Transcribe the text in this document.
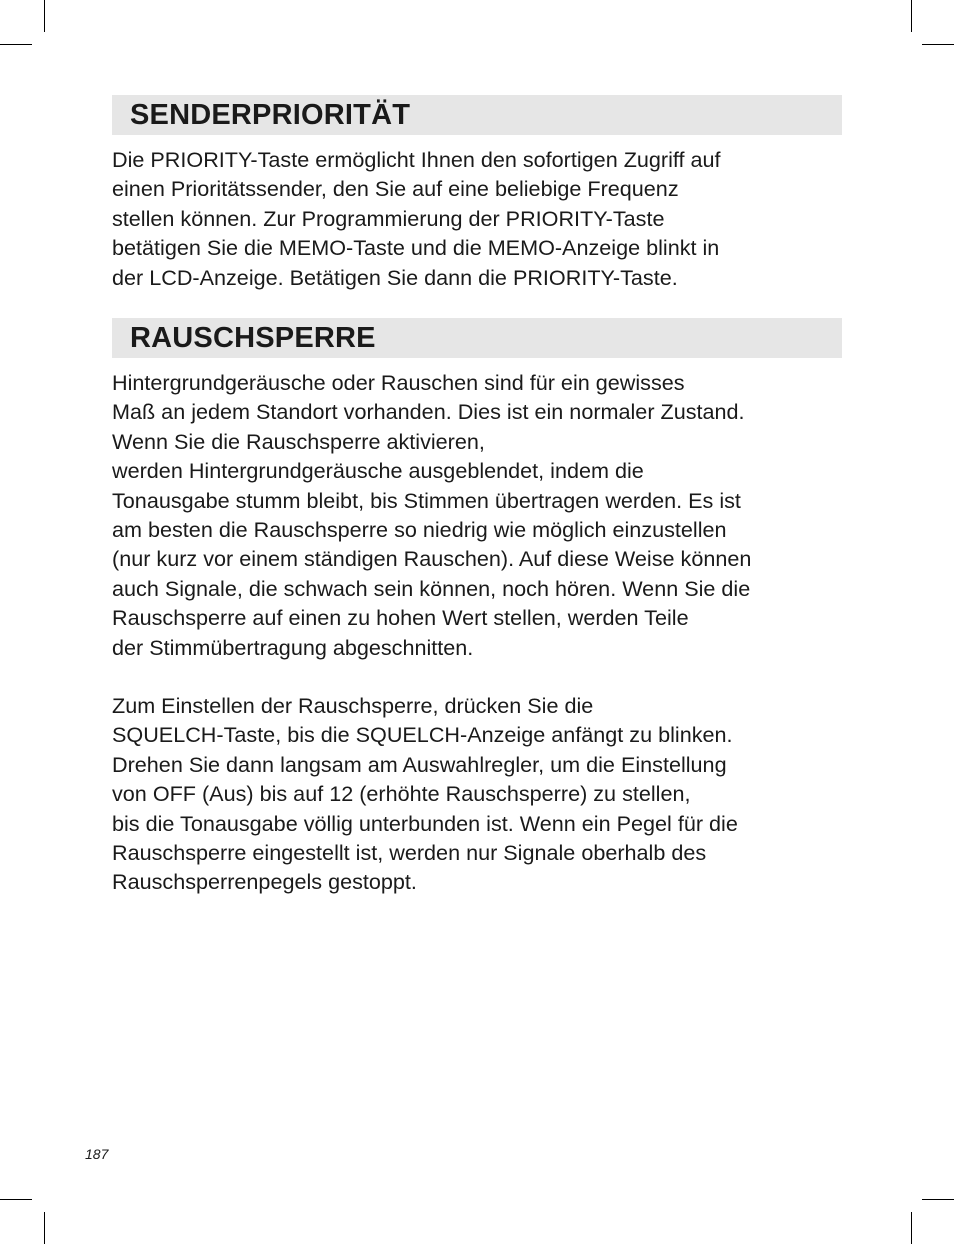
SENDERPRIORITÄT
Die PRIORITY-Taste ermöglicht Ihnen den sofortigen Zugriff auf
einen Prioritätssender, den Sie auf eine beliebige Frequenz
stellen können. Zur Programmierung der PRIORITY-Taste
betätigen Sie die MEMO-Taste und die MEMO-Anzeige blinkt in
der LCD-Anzeige. Betätigen Sie dann die PRIORITY-Taste.
RAUSCHSPERRE
Hintergrundgeräusche oder Rauschen sind für ein gewisses
Maß an jedem Standort vorhanden. Dies ist ein normaler Zustand.
Wenn Sie die Rauschsperre aktivieren,
werden Hintergrundgeräusche ausgeblendet, indem die
Tonausgabe stumm bleibt, bis Stimmen übertragen werden. Es ist
am besten die Rauschsperre so niedrig wie möglich einzustellen
(nur kurz vor einem ständigen Rauschen). Auf diese Weise können
auch Signale, die schwach sein können, noch hören. Wenn Sie die
Rauschsperre auf einen zu hohen Wert stellen, werden Teile
der Stimmübertragung abgeschnitten.
Zum Einstellen der Rauschsperre, drücken Sie die
SQUELCH-Taste, bis die SQUELCH-Anzeige anfängt zu blinken.
Drehen Sie dann langsam am Auswahlregler, um die Einstellung
von OFF (Aus) bis auf 12 (erhöhte Rauschsperre) zu stellen,
bis die Tonausgabe völlig unterbunden ist. Wenn ein Pegel für die
Rauschsperre eingestellt ist, werden nur Signale oberhalb des
Rauschsperrenpegels gestoppt.
187
